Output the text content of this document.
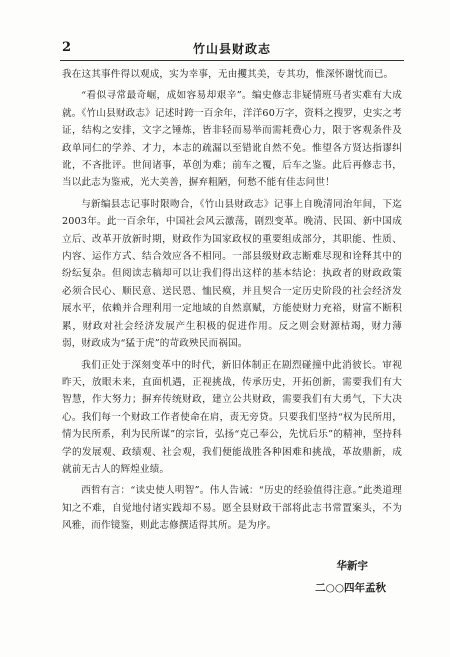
2	竹山县财政志

我在这其事件得以观成，实为幸事，无由攫其美，专其功，惟深怀谢忱而已。

“看似寻常最奇崛，成如容易却艰辛”。编史修志非疑情班马者实难有大成就。《竹山县财政志》记述时跨一百余年，洋洋60万字，资料之搜罗，史实之考证，结构之安排，文字之锤炼，皆非轻而易举而需耗费心力，限于客观条件及政单同仁的学养、才力，本志的疏漏以至错讹自然不免。惟望各方贤达指谬纠讹，不吝批评。世间诸事，革创为难；前车之覆，后车之鉴。此后再修志书，当以此志为鉴戒，光大美善，摒弃粗陋，何愁不能有佳志问世！

与新编县志记事时限吻合，《竹山县财政志》记事上自晚清同治年间，下迄2003年。此一百余年，中国社会风云激荡，剧烈变革。晚清、民国、新中国成立后、改革开放新时期，财政作为国家政权的重要组成部分，其职能、性质、内容、运作方式、结合效应各不相同。一部县级财政志断难尽现和诠释其中的纷纭复杂。但阅读志稿却可以让我们得出这样的基本结论：执政者的财政政策必须合民心、顺民意、送民恩、恤民瘼，并且契合一定历史阶段的社会经济发展水平，依赖并合理利用一定地域的自然禀赋，方能使财力充裕，财富不断积累，财政对社会经济发展产生积极的促进作用。反之则会财源枯竭，财力薄弱，财政成为“猛于虎”的苛政殃民而祸国。

我们正处于深刻变革中的时代，新旧体制正在剧烈碰撞中此消彼长。审视昨天，放眼未来，直面机遇，正视挑战，传承历史，开拓创新，需要我们有大智慧，作大努力；摒弃传统财政，建立公共财政，需要我们有大勇气，下大决心。我们每一个财政工作者使命在肩，责无旁贷。只要我们坚持“权为民所用，情为民所系，利为民所谋”的宗旨，弘扬“克己奉公，先忧后乐”的精神，坚持科学的发展观、政绩观、社会观，我们便能战胜各种困难和挑战，革故鼎新，成就前无古人的辉煌业绩。

西哲有言：“读史使人明智”。伟人告诫：“历史的经验值得注意。”此类道理知之不难，自觉地付诸实践却不易。愿全县财政干部将此志书常置案头，不为风雅，而作镜鉴，则此志修撰适得其所。是为序。

华新宇
二○○四年孟秋
